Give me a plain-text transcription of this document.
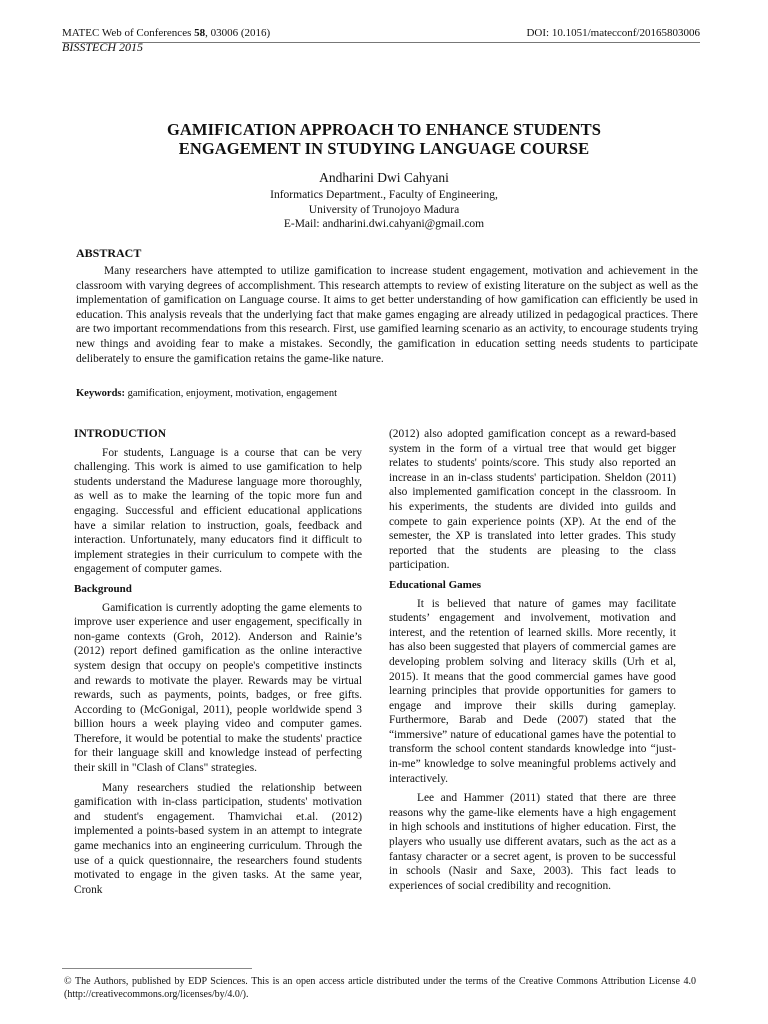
MATEC Web of Conferences 58, 03006 (2016)
BISSTECH 2015
DOI: 10.1051/matecconf/20165803006
GAMIFICATION APPROACH TO ENHANCE STUDENTS
ENGAGEMENT IN STUDYING LANGUAGE COURSE
Andharini Dwi Cahyani
Informatics Department., Faculty of Engineering,
University of Trunojoyo Madura
E-Mail: andharini.dwi.cahyani@gmail.com
ABSTRACT

Many researchers have attempted to utilize gamification to increase student engagement, motivation and achievement in the classroom with varying degrees of accomplishment. This research attempts to review of existing literature on the subject as well as the implementation of gamification on Language course. It aims to get better understanding of how gamification can efficiently be used in education. This analysis reveals that the underlying fact that make games engaging are already utilized in pedagogical practices. There are two important recommendations from this research. First, use gamified learning scenario as an activity, to encourage students trying new things and avoiding fear to make a mistakes. Secondly, the gamification in education setting needs students to participate deliberately to ensure the gamification retains the game-like nature.

Keywords: gamification, enjoyment, motivation, engagement
INTRODUCTION

For students, Language is a course that can be very challenging. This work is aimed to use gamification to help students understand the Madurese language more thoroughly, as well as to make the learning of the topic more fun and engaging. Successful and efficient educational applications have a similar relation to instruction, goals, feedback and interaction. Unfortunately, many educators find it difficult to implement strategies in their curriculum to compete with the engagement of computer games.

Background

Gamification is currently adopting the game elements to improve user experience and user engagement, specifically in non-game contexts (Groh, 2012). Anderson and Rainie’s (2012) report defined gamification as the online interactive system design that occupy on people's competitive instincts and rewards to motivate the player. Rewards may be virtual rewards, such as payments, points, badges, or free gifts. According to (McGonigal, 2011), people worldwide spend 3 billion hours a week playing video and computer games. Therefore, it would be potential to make the students' practice for their language skill and knowledge instead of perfecting their skill in "Clash of Clans" strategies.

Many researchers studied the relationship between gamification with in-class participation, students' motivation and student's engagement. Thamvichai et.al. (2012) implemented a points-based system in an attempt to integrate game mechanics into an engineering curriculum. Through the use of a quick questionnaire, the researchers found students motivated to engage in the given tasks. At the same year, Cronk

(2012) also adopted gamification concept as a reward-based system in the form of a virtual tree that would get bigger relates to students' points/score. This study also reported an increase in an in-class students' participation. Sheldon (2011) also implemented gamification concept in the classroom. In his experiments, the students are divided into guilds and compete to gain experience points (XP). At the end of the semester, the XP is translated into letter grades. This study reported that the students are pleasing to the class participation.

Educational Games

It is believed that nature of games may facilitate students’ engagement and involvement, motivation and interest, and the retention of learned skills. More recently, it has also been suggested that players of commercial games are developing problem solving and literacy skills (Urh et al, 2015). It means that the good commercial games have good learning principles that provide opportunities for gamers to engage and improve their skills during gameplay. Furthermore, Barab and Dede (2007) stated that the “immersive” nature of educational games have the potential to transform the school content standards knowledge into “just-in-me” knowledge to solve meaningful problems actively and interactively.

Lee and Hammer (2011) stated that there are three reasons why the game-like elements have a high engagement in high schools and institutions of higher education. First, the players who usually use different avatars, such as the act as a fantasy character or a secret agent, is proven to be successful in schools (Nasir and Saxe, 2003). This fact leads to experiences of social credibility and recognition.

© The Authors, published by EDP Sciences. This is an open access article distributed under the terms of the Creative Commons Attribution License 4.0 (http://creativecommons.org/licenses/by/4.0/).
